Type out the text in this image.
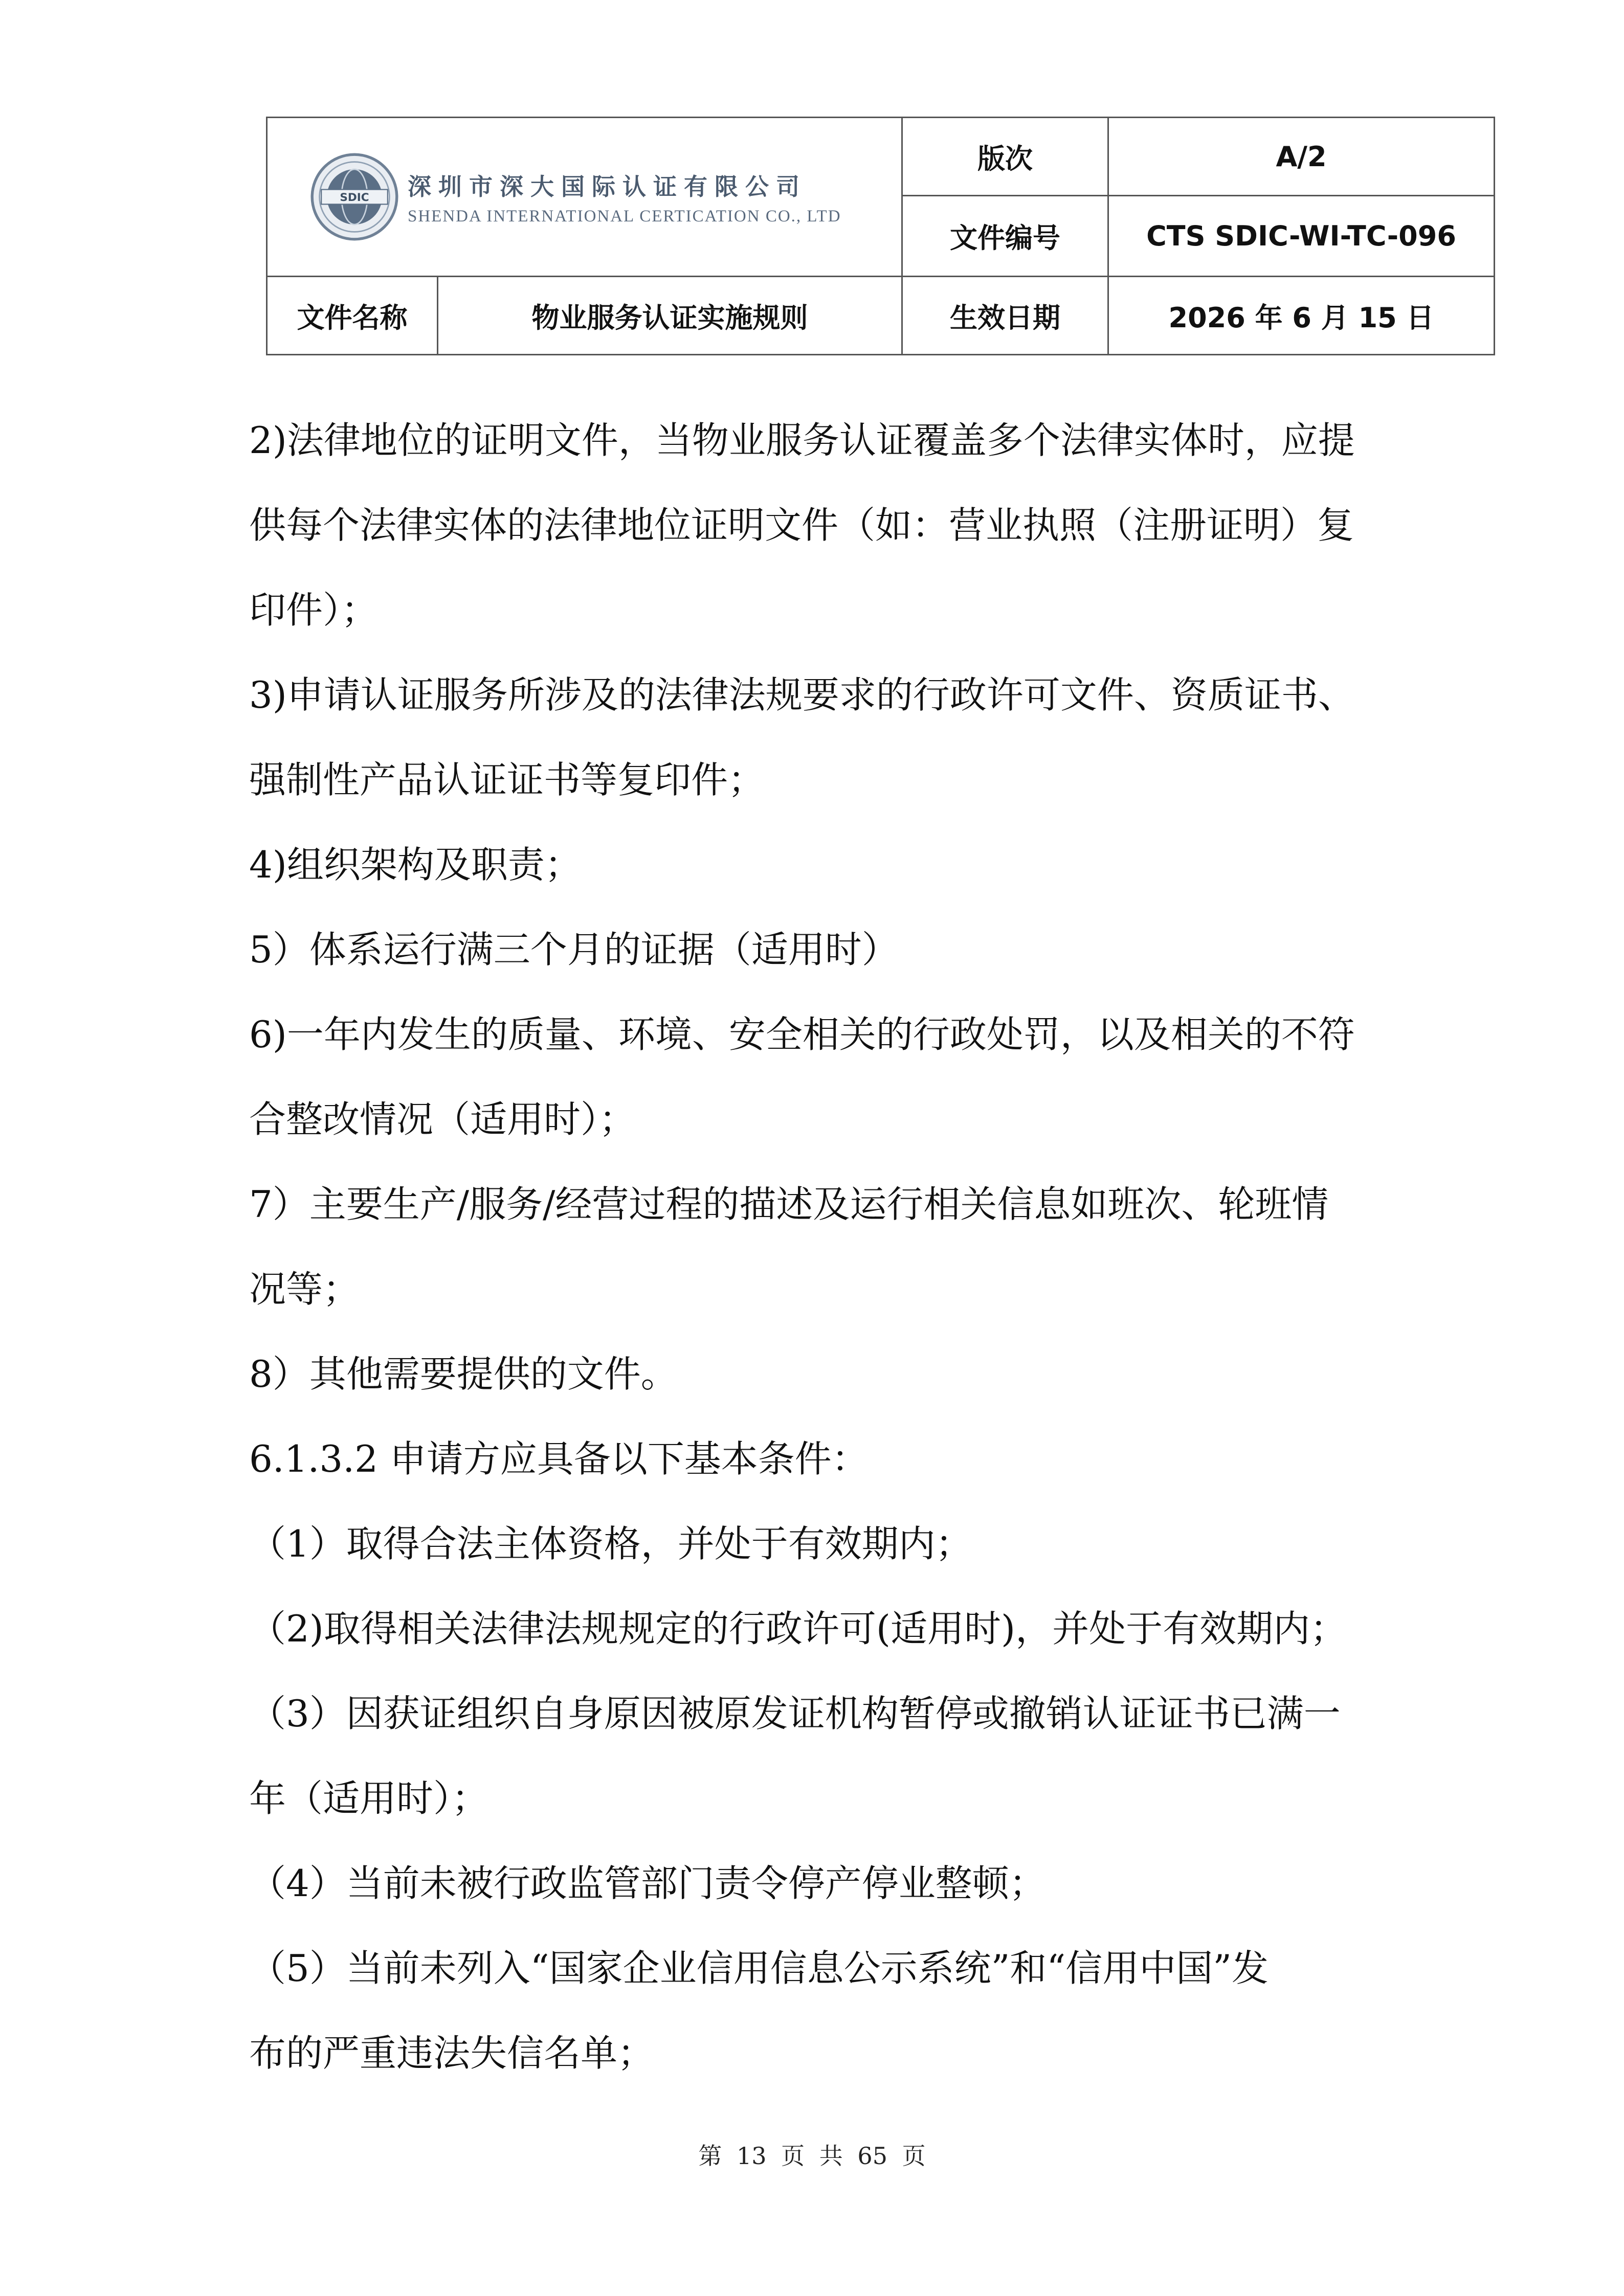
SDIC 深圳市深大国际认证有限公司
SHENDA INTERNATIONAL CERTICATION CO., LTD		版次	A/2
		文件编号	CTS SDIC-WI-TC-096
文件名称	物业服务认证实施规则	生效日期	2026 年 6 月 15 日
2)法律地位的证明文件，当物业服务认证覆盖多个法律实体时，应提
供每个法律实体的法律地位证明文件（如：营业执照（注册证明）复
印件）；
3)申请认证服务所涉及的法律法规要求的行政许可文件、资质证书、
强制性产品认证证书等复印件；
4)组织架构及职责；
5）体系运行满三个月的证据（适用时）
6)一年内发生的质量、环境、安全相关的行政处罚，以及相关的不符
合整改情况（适用时）；
7）主要生产/服务/经营过程的描述及运行相关信息如班次、轮班情
况等；
8）其他需要提供的文件。
6.1.3.2 申请方应具备以下基本条件：
（1）取得合法主体资格，并处于有效期内；
（2)取得相关法律法规规定的行政许可(适用时)，并处于有效期内；
（3）因获证组织自身原因被原发证机构暂停或撤销认证证书已满一
年（适用时）；
（4）当前未被行政监管部门责令停产停业整顿；
（5）当前未列入“国家企业信用信息公示系统”和“信用中国”发
布的严重违法失信名单；
第 13 页 共 65 页
